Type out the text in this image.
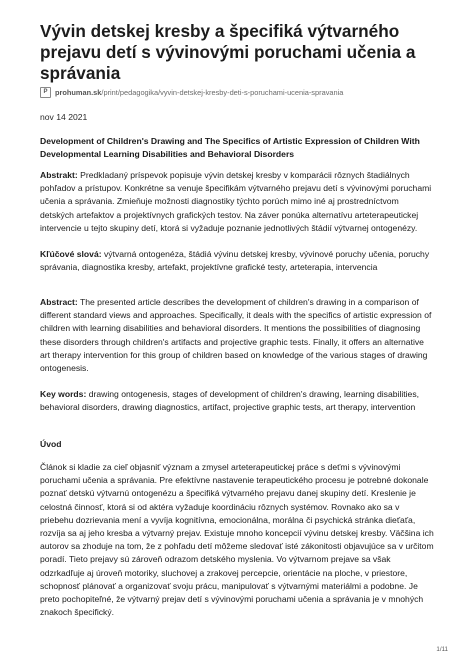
Vývin detskej kresby a špecifiká výtvarného prejavu detí s vývinovými poruchami učenia a správania
P	prohuman.sk /print/pedagogika/vyvin-detskej-kresby-deti-s-poruchami-ucenia-spravania
nov 14 2021
Development of Children's Drawing and The Specifics of Artistic Expression of Children With Developmental Learning Disabilities and Behavioral Disorders
Abstrakt: Predkladaný príspevok popisuje vývin detskej kresby v komparácii rôznych štadiálnych pohľadov a prístupov. Konkrétne sa venuje špecifikám výtvarného prejavu detí s vývinovými poruchami učenia a správania. Zmieňuje možnosti diagnostiky týchto porúch mimo iné aj prostredníctvom detských artefaktov a projektívnych grafických testov. Na záver ponúka alternatívu arteterapeutickej intervencie u tejto skupiny detí, ktorá si vyžaduje poznanie jednotlivých štádií výtvarnej ontogenézy.
Kľúčové slová: výtvarná ontogenéza, štádiá vývinu detskej kresby, vývinové poruchy učenia, poruchy správania, diagnostika kresby, artefakt, projektívne grafické testy, arteterapia, intervencia
Abstract: The presented article describes the development of children's drawing in a comparison of different standard views and approaches. Specifically, it deals with the specifics of artistic expression of children with learning disabilities and behavioral disorders. It mentions the possibilities of diagnosing these disorders through children's artifacts and projective graphic tests. Finally, it offers an alternative art therapy intervention for this group of children based on knowledge of the various stages of drawing ontogenesis.
Key words: drawing ontogenesis, stages of development of children's drawing, learning disabilities, behavioral disorders, drawing diagnostics, artifact, projective graphic tests, art therapy, intervention
Úvod
Článok si kladie za cieľ objasniť význam a zmysel arteterapeutickej práce s deťmi s vývinovými poruchami učenia a správania. Pre efektívne nastavenie terapeutického procesu je potrebné dokonale poznať detskú výtvarnú ontogenézu a špecifiká výtvarného prejavu danej skupiny detí. Kreslenie je celostná činnosť, ktorá si od aktéra vyžaduje koordináciu rôznych systémov. Rovnako ako sa v priebehu dozrievania mení a vyvíja kognitívna, emocionálna, morálna či psychická stránka dieťaťa, rozvíja sa aj jeho kresba a výtvarný prejav. Existuje mnoho koncepcií vývinu detskej kresby. Väčšina ich autorov sa zhoduje na tom, že z pohľadu detí môžeme sledovať isté zákonitosti objavujúce sa v určitom poradí. Tieto prejavy sú zároveň odrazom detského myslenia. Vo výtvarnom prejave sa však odzrkadľuje aj úroveň motoriky, sluchovej a zrakovej percepcie, orientácie na ploche, v priestore, schopnosť plánovať a organizovať svoju prácu, manipulovať s výtvarnými materiálmi a podobne. Je preto pochopiteľné, že výtvarný prejav detí s vývinovými poruchami učenia a správania je v mnohých znakoch špecifický.
1/11
